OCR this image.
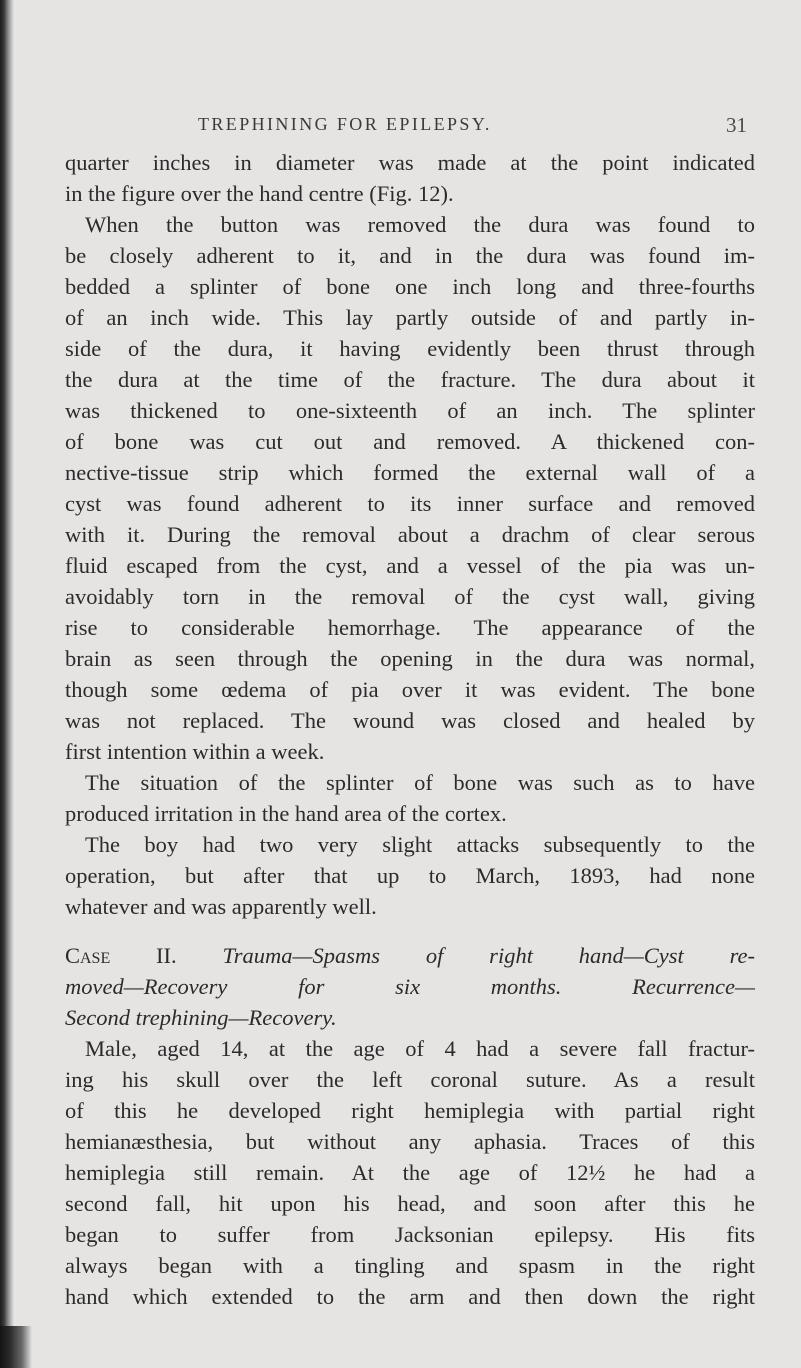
TREPHINING FOR EPILEPSY.	31
quarter inches in diameter was made at the point indicated
in the figure over the hand centre (Fig. 12).
When the button was removed the dura was found to
be closely adherent to it, and in the dura was found im-
bedded a splinter of bone one inch long and three-fourths
of an inch wide. This lay partly outside of and partly in-
side of the dura, it having evidently been thrust through
the dura at the time of the fracture. The dura about it
was thickened to one-sixteenth of an inch. The splinter
of bone was cut out and removed. A thickened con-
nective-tissue strip which formed the external wall of a
cyst was found adherent to its inner surface and removed
with it. During the removal about a drachm of clear serous
fluid escaped from the cyst, and a vessel of the pia was un-
avoidably torn in the removal of the cyst wall, giving
rise to considerable hemorrhage. The appearance of the
brain as seen through the opening in the dura was normal,
though some œdema of pia over it was evident. The bone
was not replaced. The wound was closed and healed by
first intention within a week.
The situation of the splinter of bone was such as to have
produced irritation in the hand area of the cortex.
The boy had two very slight attacks subsequently to the
operation, but after that up to March, 1893, had none
whatever and was apparently well.
Case II. Trauma—Spasms of right hand—Cyst re-
moved—Recovery for six months. Recurrence—
Second trephining—Recovery.
Male, aged 14, at the age of 4 had a severe fall fractur-
ing his skull over the left coronal suture. As a result
of this he developed right hemiplegia with partial right
hemianæsthesia, but without any aphasia. Traces of this
hemiplegia still remain. At the age of 12½ he had a
second fall, hit upon his head, and soon after this he
began to suffer from Jacksonian epilepsy. His fits
always began with a tingling and spasm in the right
hand which extended to the arm and then down the right
